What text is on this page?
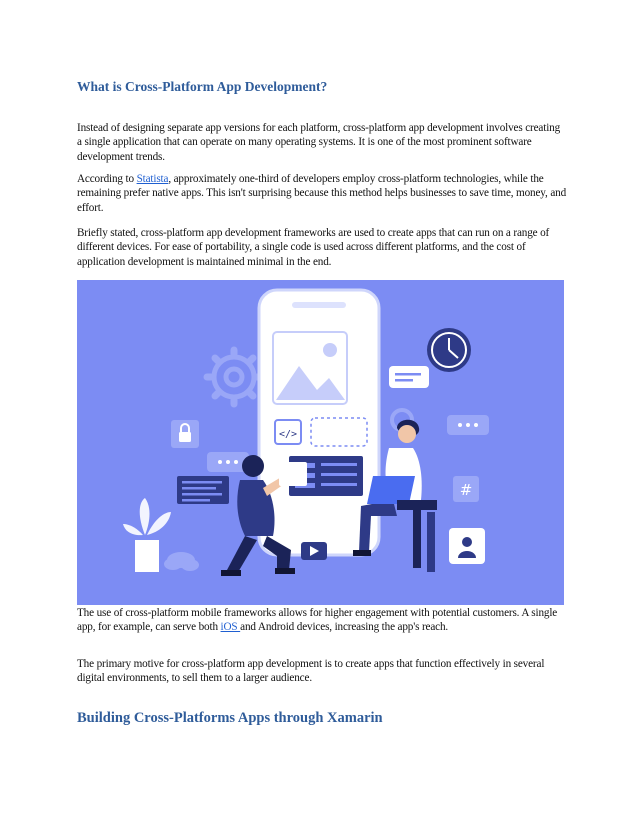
What is Cross-Platform App Development?

Instead of designing separate app versions for each platform, cross-platform app development involves creating a single application that can operate on many operating systems. It is one of the most prominent software development trends.

According to Statista, approximately one-third of developers employ cross-platform technologies, while the remaining prefer native apps. This isn't surprising because this method helps businesses to save time, money, and effort.

Briefly stated, cross-platform app development frameworks are used to create apps that can run on a range of different devices. For ease of portability, a single code is used across different platforms, and the cost of application development is maintained minimal in the end.

</>
#

The use of cross-platform mobile frameworks allows for higher engagement with potential customers. A single app, for example, can serve both iOS and Android devices, increasing the app's reach.

The primary motive for cross-platform app development is to create apps that function effectively in several digital environments, to sell them to a larger audience.

Building Cross-Platforms Apps through Xamarin
